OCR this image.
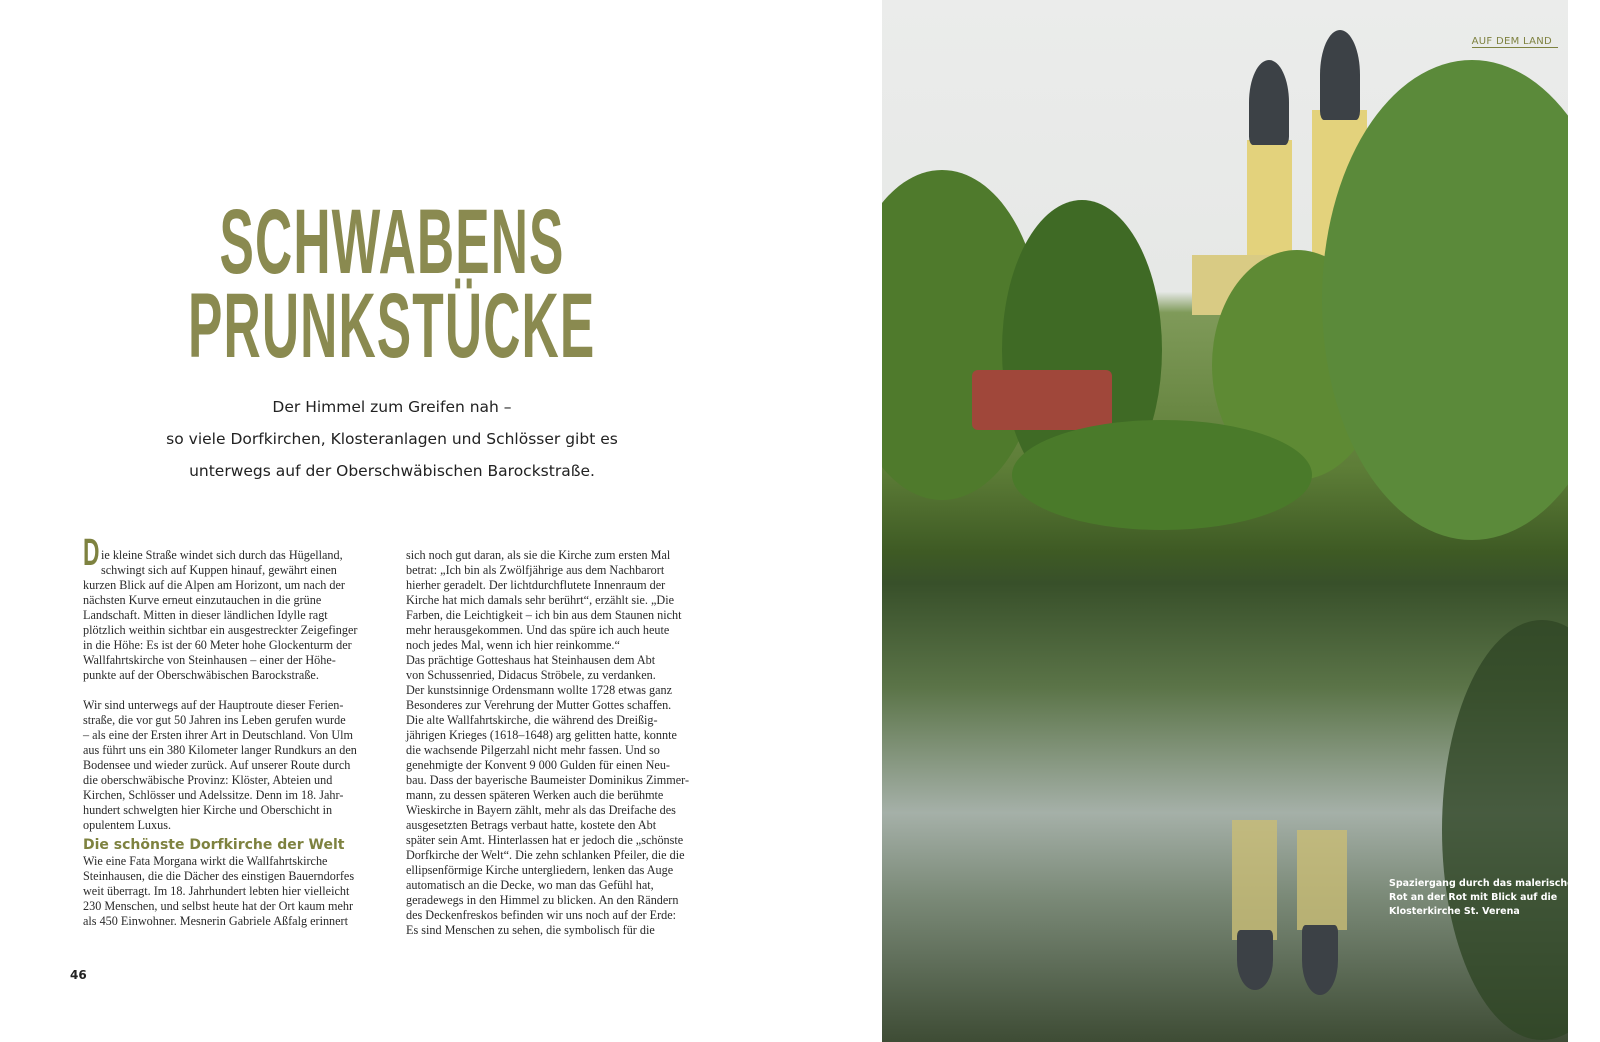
SCHWABENS
PRUNKSTÜCKE
Der Himmel zum Greifen nah –
so viele Dorfkirchen, Klosteranlagen und Schlösser gibt es
unterwegs auf der Oberschwäbischen Barockstraße.
Die kleine Straße windet sich durch das Hügelland,
schwingt sich auf Kuppen hinauf, gewährt einen
kurzen Blick auf die Alpen am Horizont, um nach der
nächsten Kurve erneut einzutauchen in die grüne
Landschaft. Mitten in dieser ländlichen Idylle ragt
plötzlich weithin sichtbar ein ausgestreckter Zeigefinger
in die Höhe: Es ist der 60 Meter hohe Glockenturm der
Wallfahrtskirche von Steinhausen – einer der Höhe-
punkte auf der Oberschwäbischen Barockstraße.
Wir sind unterwegs auf der Hauptroute dieser Ferien-
straße, die vor gut 50 Jahren ins Leben gerufen wurde
– als eine der Ersten ihrer Art in Deutschland. Von Ulm
aus führt uns ein 380 Kilometer langer Rundkurs an den
Bodensee und wieder zurück. Auf unserer Route durch
die oberschwäbische Provinz: Klöster, Abteien und
Kirchen, Schlösser und Adelssitze. Denn im 18. Jahr-
hundert schwelgten hier Kirche und Oberschicht in
opulentem Luxus.
Die schönste Dorfkirche der Welt
Wie eine Fata Morgana wirkt die Wallfahrtskirche
Steinhausen, die die Dächer des einstigen Bauerndorfes
weit überragt. Im 18. Jahrhundert lebten hier vielleicht
230 Menschen, und selbst heute hat der Ort kaum mehr
als 450 Einwohner. Mesnerin Gabriele Aßfalg erinnert
sich noch gut daran, als sie die Kirche zum ersten Mal
betrat: „Ich bin als Zwölfjährige aus dem Nachbarort
hierher geradelt. Der lichtdurchflutete Innenraum der
Kirche hat mich damals sehr berührt“, erzählt sie. „Die
Farben, die Leichtigkeit – ich bin aus dem Staunen nicht
mehr herausgekommen. Und das spüre ich auch heute
noch jedes Mal, wenn ich hier reinkomme.“
Das prächtige Gotteshaus hat Steinhausen dem Abt
von Schussenried, Didacus Ströbele, zu verdanken.
Der kunstsinnige Ordensmann wollte 1728 etwas ganz
Besonderes zur Verehrung der Mutter Gottes schaffen.
Die alte Wallfahrtskirche, die während des Dreißig-
jährigen Krieges (1618–1648) arg gelitten hatte, konnte
die wachsende Pilgerzahl nicht mehr fassen. Und so
genehmigte der Konvent 9 000 Gulden für einen Neu-
bau. Dass der bayerische Baumeister Dominikus Zimmer-
mann, zu dessen späteren Werken auch die berühmte
Wieskirche in Bayern zählt, mehr als das Dreifache des
ausgesetzten Betrags verbaut hatte, kostete den Abt
später sein Amt. Hinterlassen hat er jedoch die „schönste
Dorfkirche der Welt“. Die zehn schlanken Pfeiler, die die
ellipsenförmige Kirche untergliedern, lenken das Auge
automatisch an die Decke, wo man das Gefühl hat,
geradewegs in den Himmel zu blicken. An den Rändern
des Deckenfreskos befinden wir uns noch auf der Erde:
Es sind Menschen zu sehen, die symbolisch für die
46
AUF DEM LAND
Spaziergang durch das malerische
Rot an der Rot mit Blick auf die
Klosterkirche St. Verena
